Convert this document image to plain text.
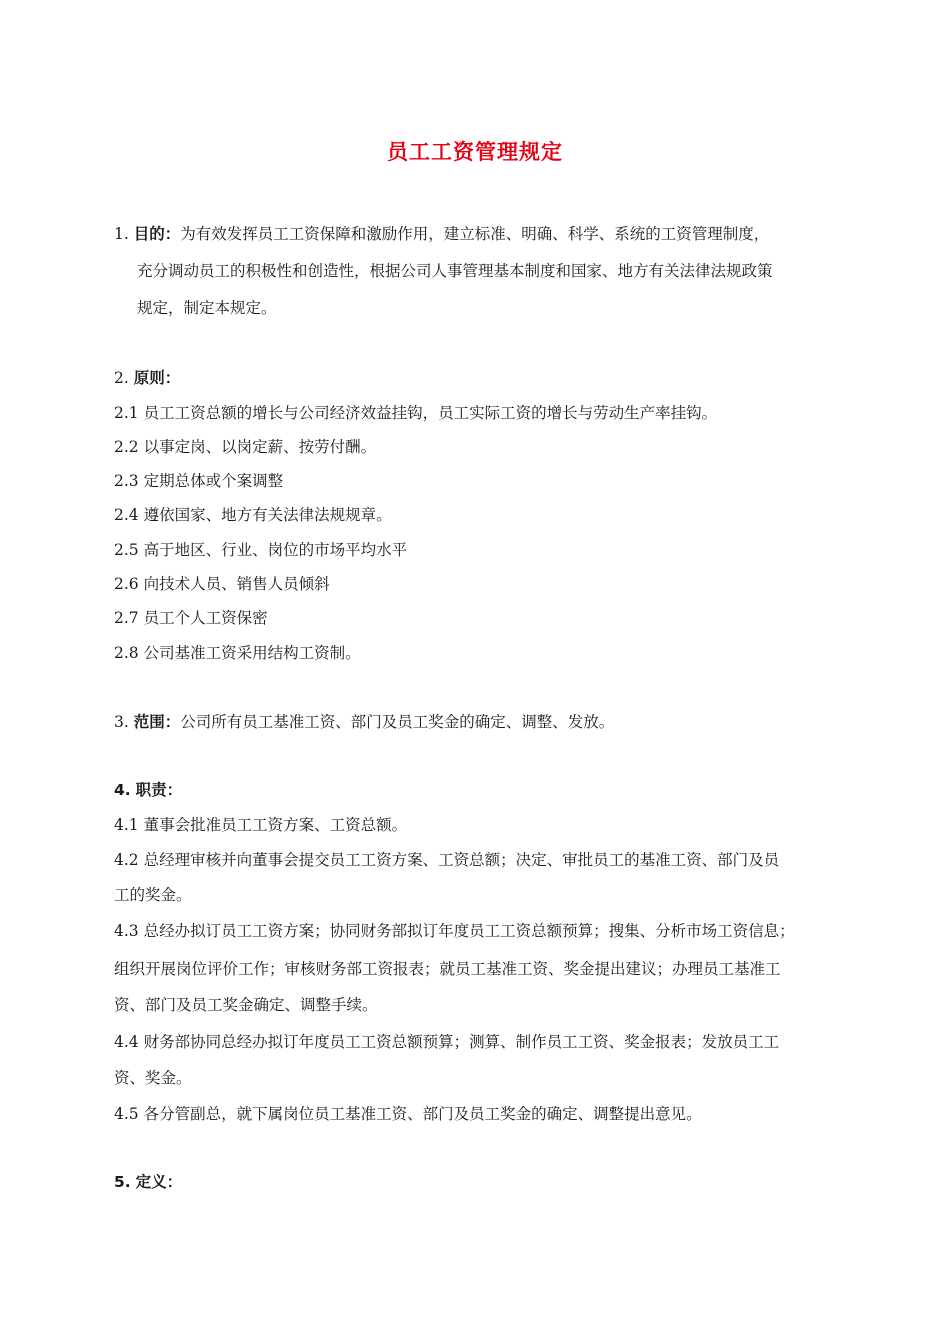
员工工资管理规定

1. 目的：为有效发挥员工工资保障和激励作用，建立标准、明确、科学、系统的工资管理制度，

充分调动员工的积极性和创造性，根据公司人事管理基本制度和国家、地方有关法律法规政策

规定，制定本规定。

2. 原则：

2.1 员工工资总额的增长与公司经济效益挂钩，员工实际工资的增长与劳动生产率挂钩。

2.2 以事定岗、以岗定薪、按劳付酬。

2.3 定期总体或个案调整

2.4 遵依国家、地方有关法律法规规章。

2.5 高于地区、行业、岗位的市场平均水平

2.6 向技术人员、销售人员倾斜

2.7 员工个人工资保密

2.8 公司基准工资采用结构工资制。

3. 范围：公司所有员工基准工资、部门及员工奖金的确定、调整、发放。

4. 职责：

4.1 董事会批准员工工资方案、工资总额。

4.2 总经理审核并向董事会提交员工工资方案、工资总额；决定、审批员工的基准工资、部门及员

工的奖金。

4.3 总经办拟订员工工资方案；协同财务部拟订年度员工工资总额预算；搜集、分析市场工资信息；

组织开展岗位评价工作；审核财务部工资报表；就员工基准工资、奖金提出建议；办理员工基准工

资、部门及员工奖金确定、调整手续。

4.4 财务部协同总经办拟订年度员工工资总额预算；测算、制作员工工资、奖金报表；发放员工工

资、奖金。

4.5 各分管副总，就下属岗位员工基准工资、部门及员工奖金的确定、调整提出意见。

5. 定义：
